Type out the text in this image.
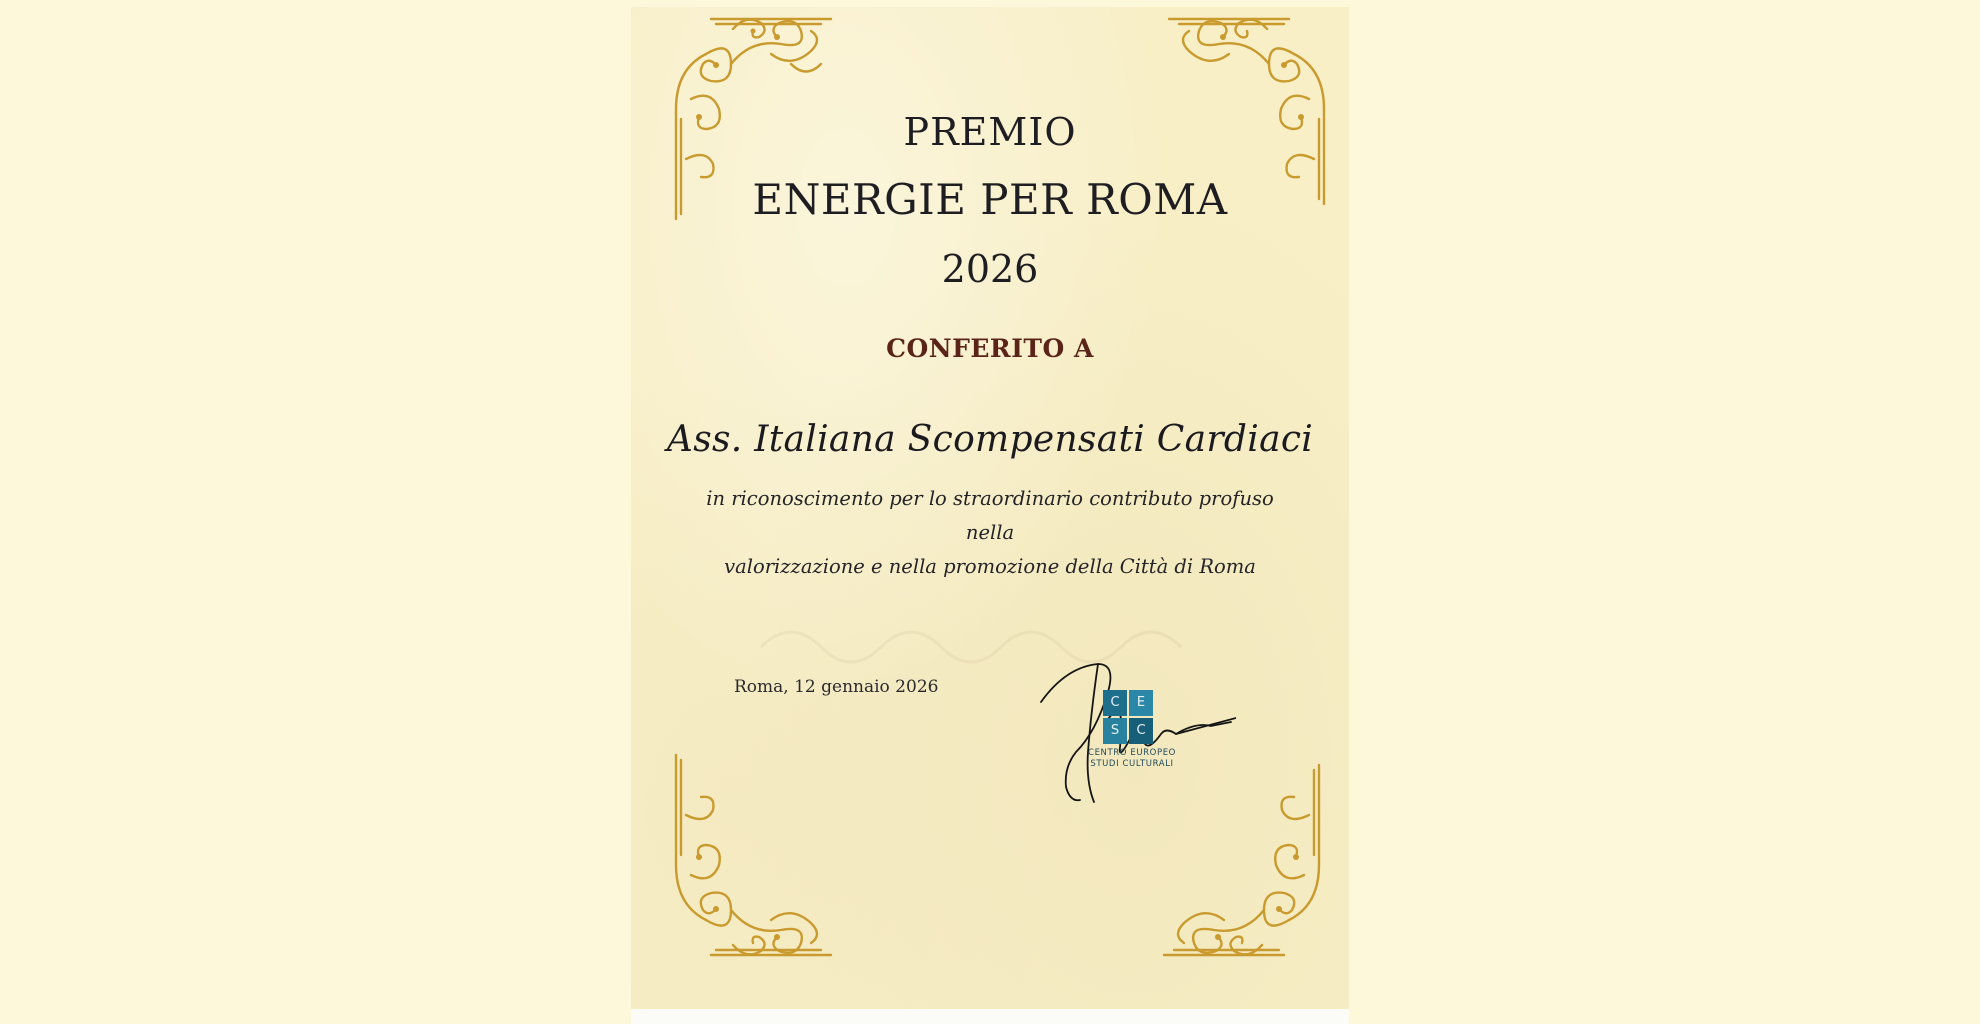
PREMIO
ENERGIE PER ROMA
2026
CONFERITO A
Ass. Italiana Scompensati Cardiaci
in riconoscimento per lo straordinario contributo profuso nella
valorizzazione e nella promozione della Città di Roma
Roma, 12 gennaio 2026
C	E
S	C
CENTRO EUROPEO
STUDI CULTURALI
